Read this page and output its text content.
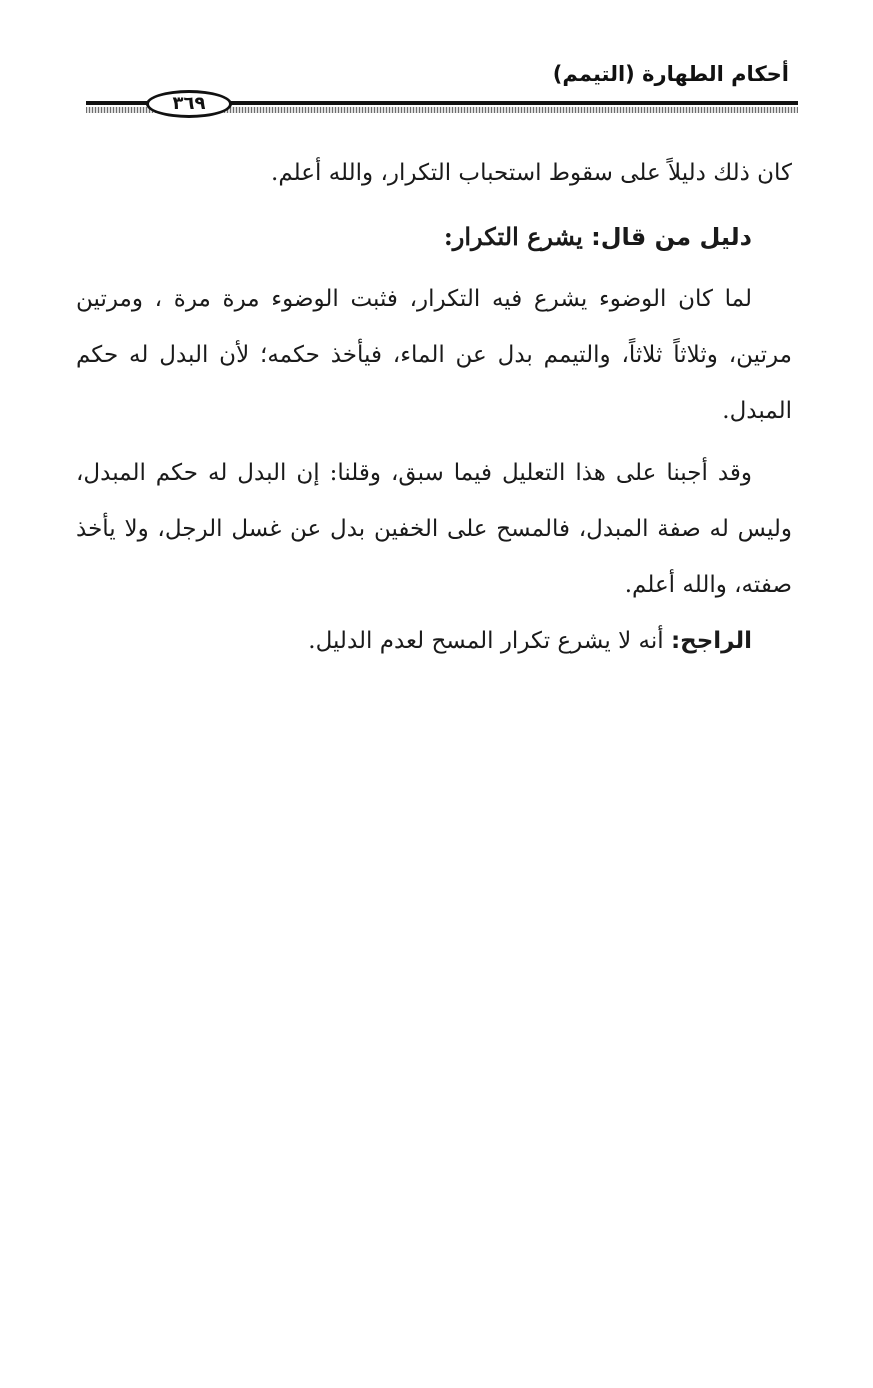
أحكام الطهارة (التيمم)
٣٦٩

كان ذلك دليلاً على سقوط استحباب التكرار، والله أعلم.

دليل من قال: يشرع التكرار:

لما كان الوضوء يشرع فيه التكرار، فثبت الوضوء مرة مرة ، ومرتين مرتين، وثلاثاً ثلاثاً، والتيمم بدل عن الماء، فيأخذ حكمه؛ لأن البدل له حكم المبدل.

وقد أجبنا على هذا التعليل فيما سبق، وقلنا: إن البدل له حكم المبدل، وليس له صفة المبدل، فالمسح على الخفين بدل عن غسل الرجل، ولا يأخذ صفته، والله أعلم.

الراجح: أنه لا يشرع تكرار المسح لعدم الدليل.
